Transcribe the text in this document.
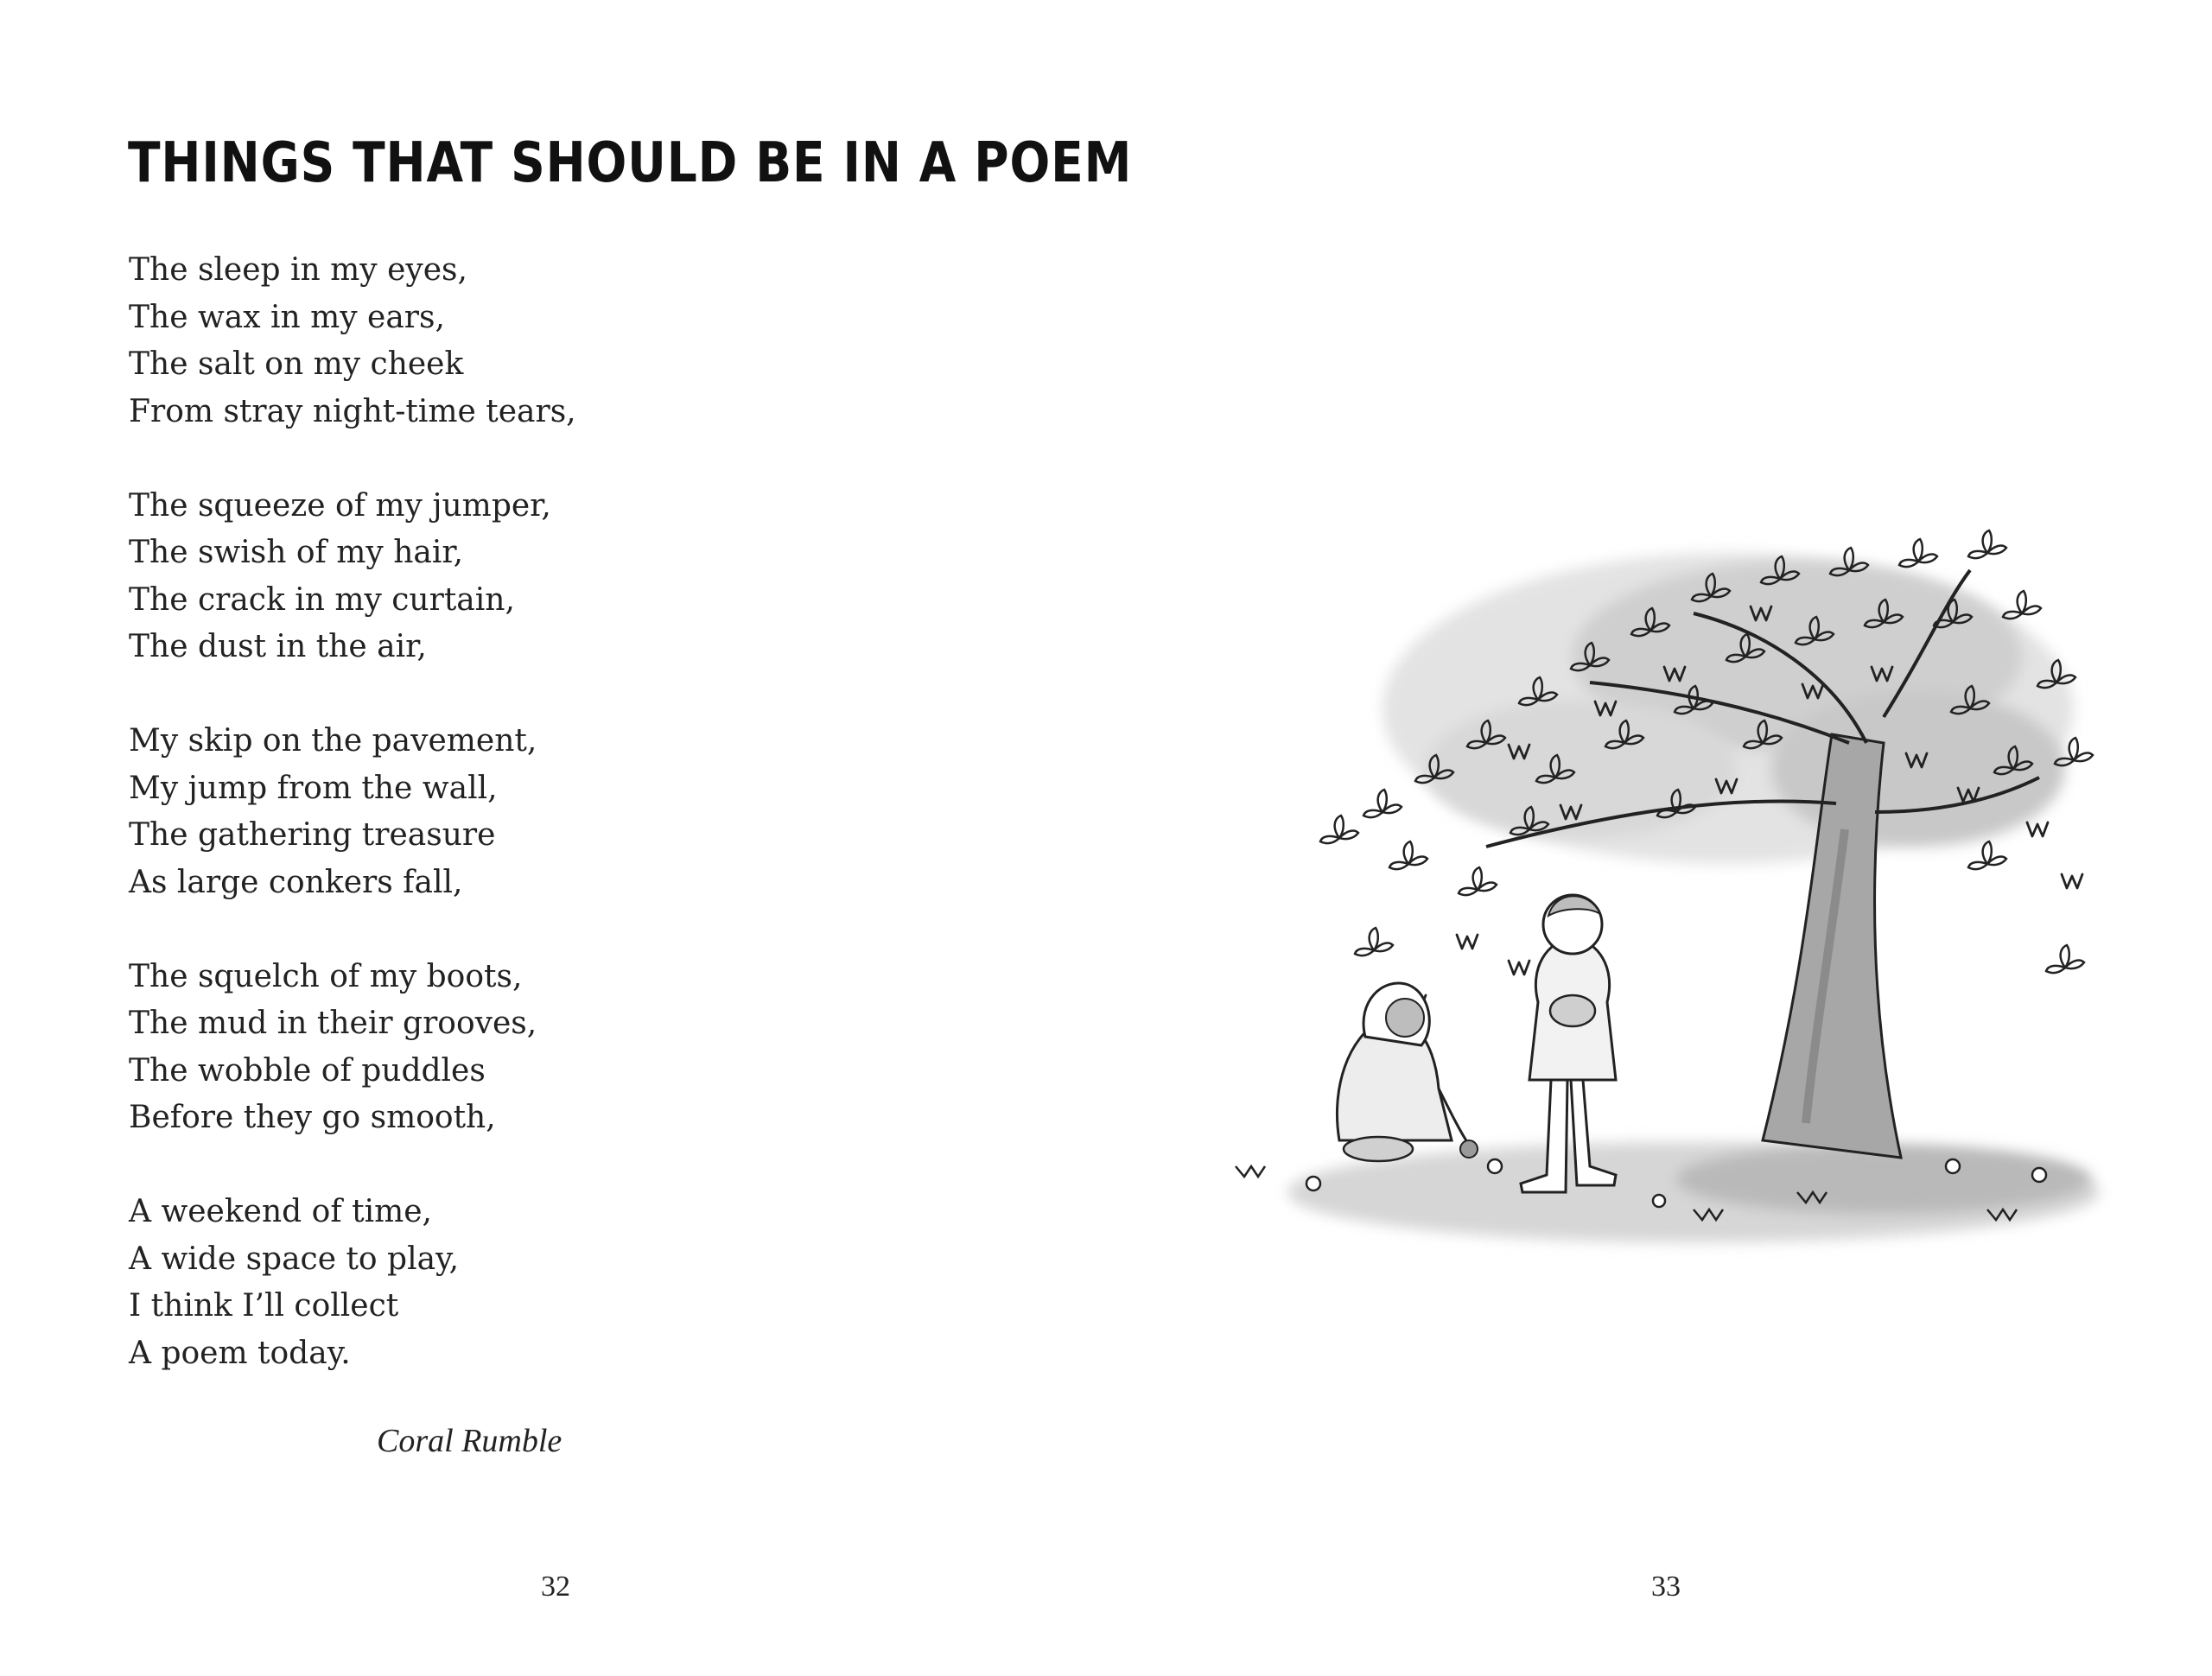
THINGS THAT SHOULD BE IN A POEM
The sleep in my eyes,
The wax in my ears,
The salt on my cheek
From stray night-time tears,
The squeeze of my jumper,
The swish of my hair,
The crack in my curtain,
The dust in the air,
My skip on the pavement,
My jump from the wall,
The gathering treasure
As large conkers fall,
The squelch of my boots,
The mud in their grooves,
The wobble of puddles
Before they go smooth,
A weekend of time,
A wide space to play,
I think I’ll collect
A poem today.
Coral Rumble
32	33
